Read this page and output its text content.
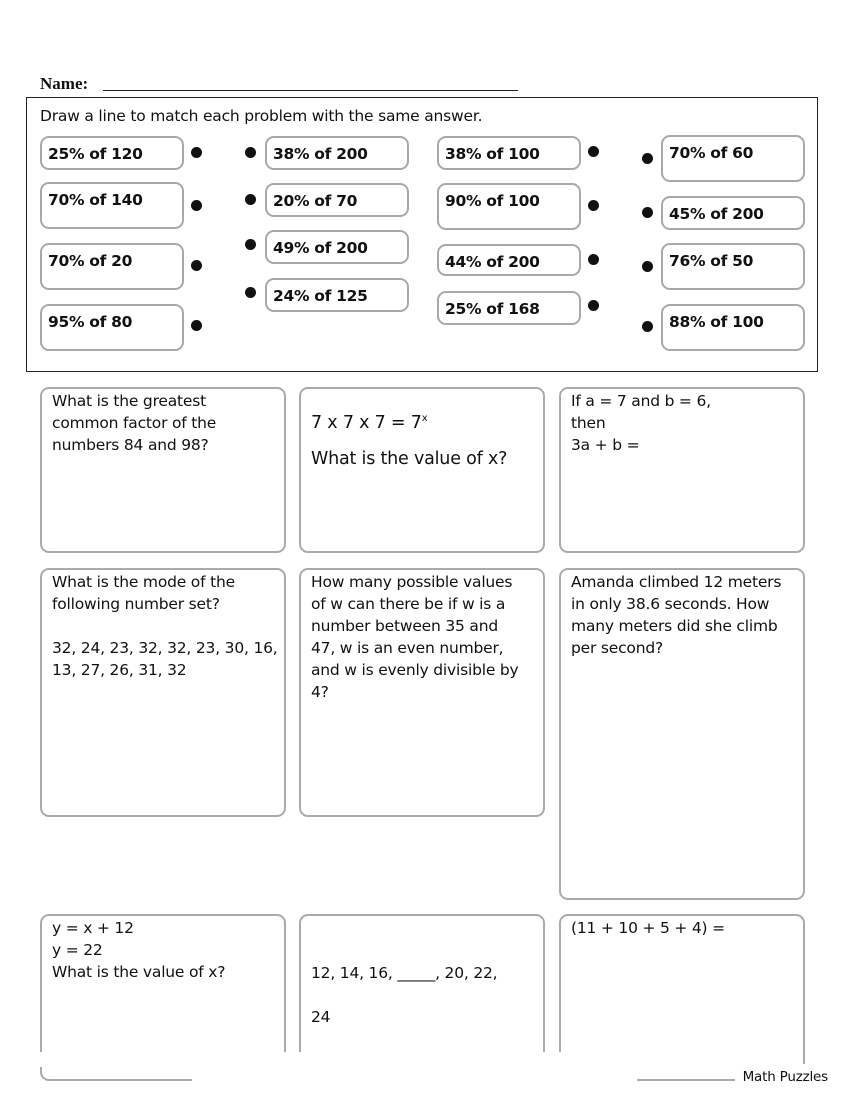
Name:
Draw a line to match each problem with the same answer.
25% of 120
70% of 140
70% of 20
95% of 80
38% of 200
20% of 70
49% of 200
24% of 125
38% of 100
90% of 100
44% of 200
25% of 168
70% of 60
45% of 200
76% of 50
88% of 100
What is the greatest
common factor of the
numbers 84 and 98?
7 x 7 x $7 = 7^x$
What is the value of x?
If a = 7 and b = 6,
then
3a + b =
What is the mode of the
following number set?
32, 24, 23, 32, 32, 23, 30, 16,
13, 27, 26, 31, 32
How many possible values
of w can there be if w is a
number between 35 and
47, w is an even number,
and w is evenly divisible by
4?
Amanda climbed 12 meters
in only 38.6 seconds. How
many meters did she climb
per second?
y = x + 12
y = 22
What is the value of x?	12, 14, 16, _____, 20, 22,
24
(11 + 10 + 5 + 4) =
Math Puzzles
